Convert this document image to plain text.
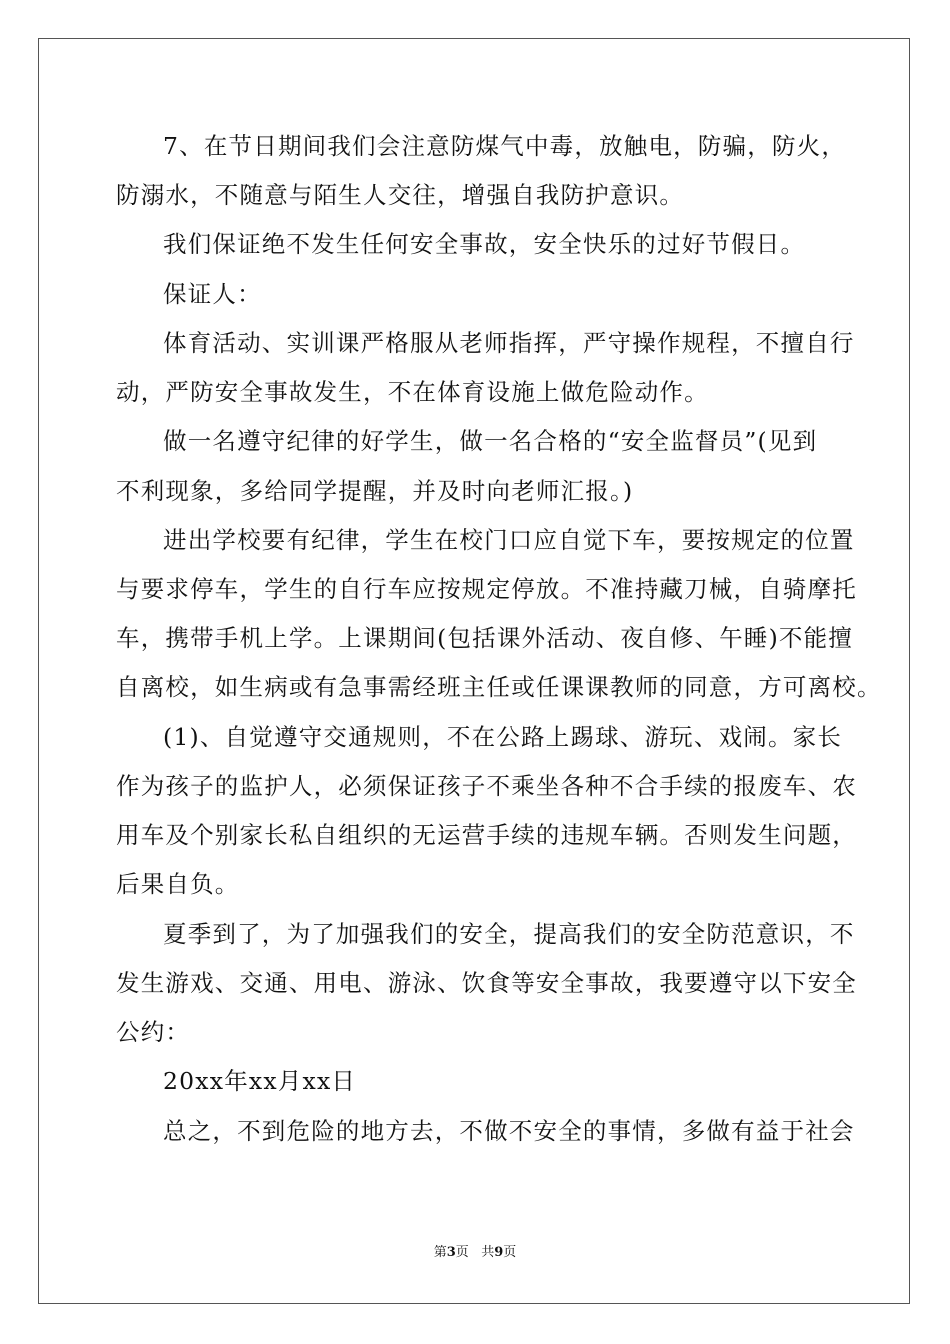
7、在节日期间我们会注意防煤气中毒，放触电，防骗，防火，
防溺水，不随意与陌生人交往，增强自我防护意识。
我们保证绝不发生任何安全事故，安全快乐的过好节假日。
保证人：
体育活动、实训课严格服从老师指挥，严守操作规程，不擅自行
动，严防安全事故发生，不在体育设施上做危险动作。
做一名遵守纪律的好学生，做一名合格的“安全监督员”(见到
不利现象，多给同学提醒，并及时向老师汇报。)
进出学校要有纪律，学生在校门口应自觉下车，要按规定的位置
与要求停车，学生的自行车应按规定停放。不准持藏刀械，自骑摩托
车，携带手机上学。上课期间(包括课外活动、夜自修、午睡)不能擅
自离校，如生病或有急事需经班主任或任课课教师的同意，方可离校。
(1)、自觉遵守交通规则，不在公路上踢球、游玩、戏闹。家长
作为孩子的监护人，必须保证孩子不乘坐各种不合手续的报废车、农
用车及个别家长私自组织的无运营手续的违规车辆。否则发生问题，
后果自负。
夏季到了，为了加强我们的安全，提高我们的安全防范意识，不
发生游戏、交通、用电、游泳、饮食等安全事故，我要遵守以下安全
公约：
20xx年xx月xx日
总之，不到危险的地方去，不做不安全的事情，多做有益于社会
第3页 共9页
